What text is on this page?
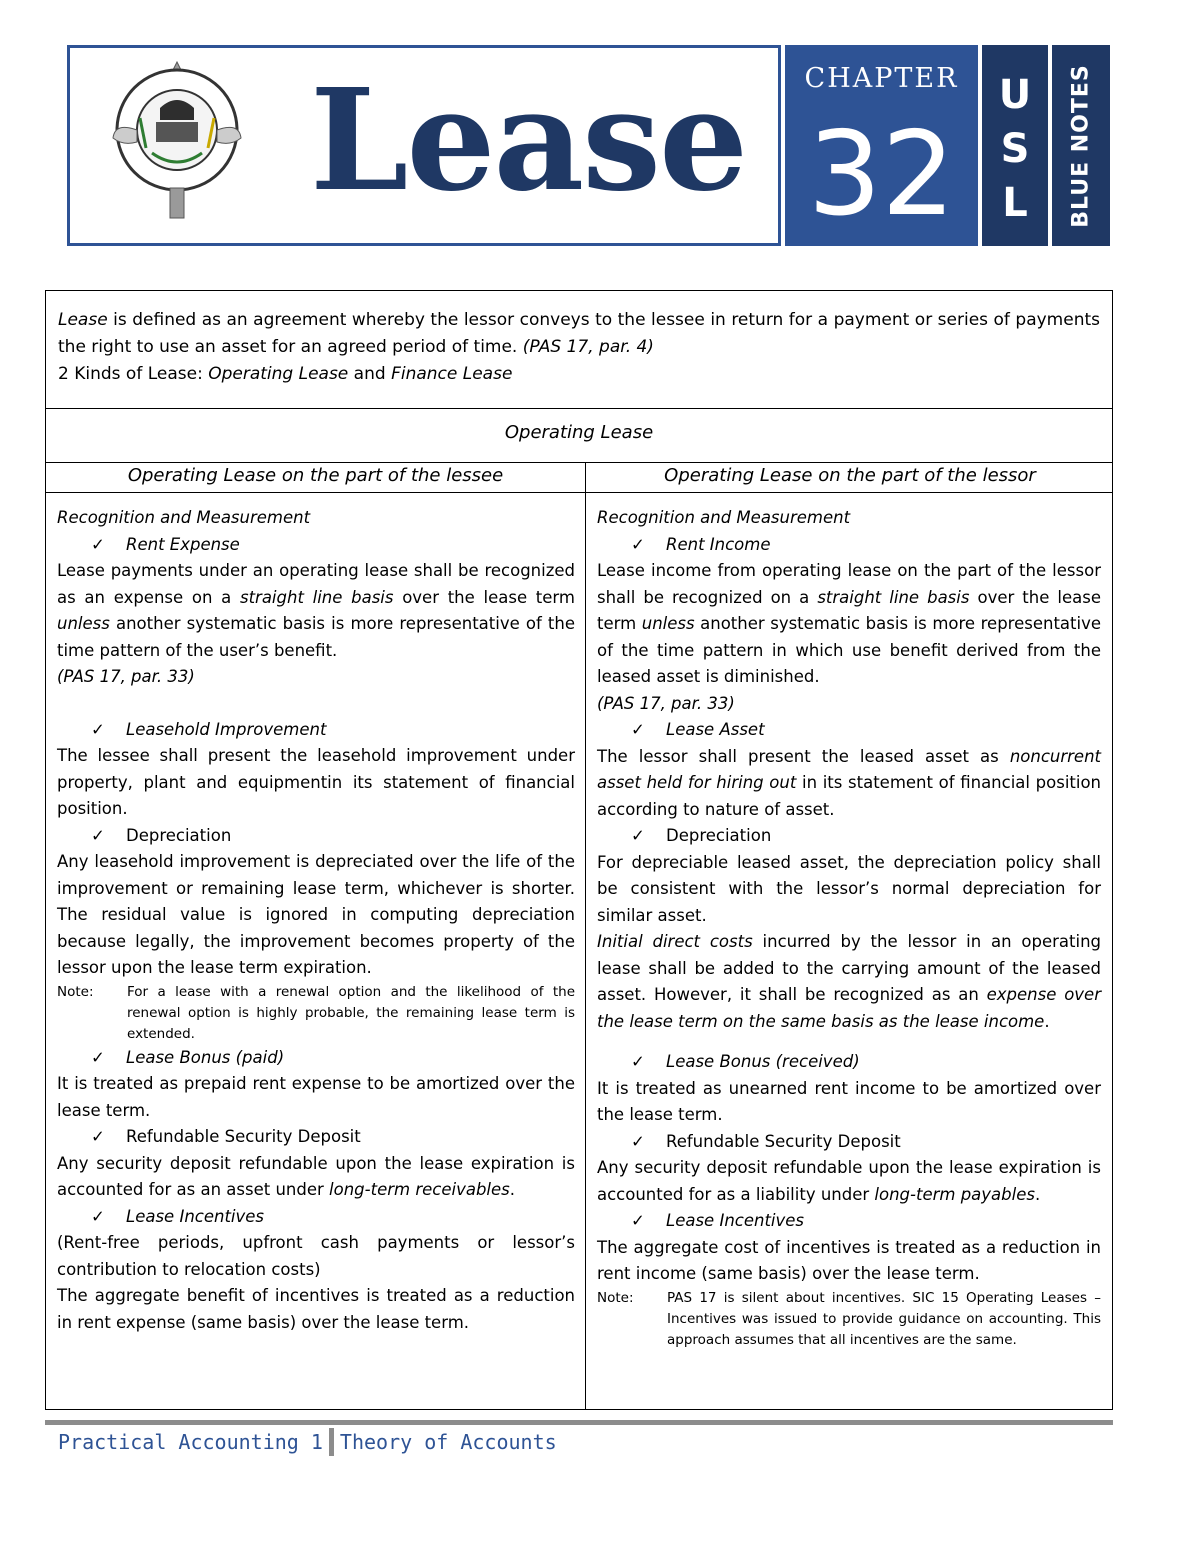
Lease	CHAPTER
32
U
S
L	BLUE NOTES
Lease is defined as an agreement whereby the lessor conveys to the lessee in return for a payment or series of payments the right to use an asset for an agreed period of time. (PAS 17, par. 4)
2 Kinds of Lease: Operating Lease and Finance Lease
Operating Lease
Operating Lease on the part of the lessee	Operating Lease on the part of the lessor

Recognition and Measurement

✓ Rent Expense

Lease payments under an operating lease shall be recognized as an expense on a straight line basis over the lease term unless another systematic basis is more representative of the time pattern of the user’s benefit.

(PAS 17, par. 33)

✓ Leasehold Improvement

The lessee shall present the leasehold improvement under property, plant and equipmentin its statement of financial position.

✓ Depreciation

Any leasehold improvement is depreciated over the life of the improvement or remaining lease term, whichever is shorter. The residual value is ignored in computing depreciation because legally, the improvement becomes property of the lessor upon the lease term expiration.

Note:	For a lease with a renewal option and the likelihood of the renewal option is highly probable, the remaining lease term is extended.

✓ Lease Bonus (paid)

It is treated as prepaid rent expense to be amortized over the lease term.

✓ Refundable Security Deposit

Any security deposit refundable upon the lease expiration is accounted for as an asset under long-term receivables.

✓ Lease Incentives

(Rent-free periods, upfront cash payments or lessor’s contribution to relocation costs)

The aggregate benefit of incentives is treated as a reduction in rent expense (same basis) over the lease term.

Recognition and Measurement

✓ Rent Income

Lease income from operating lease on the part of the lessor shall be recognized on a straight line basis over the lease term unless another systematic basis is more representative of the time pattern in which use benefit derived from the leased asset is diminished.

(PAS 17, par. 33)

✓ Lease Asset

The lessor shall present the leased asset as noncurrent asset held for hiring out in its statement of financial position according to nature of asset.

✓ Depreciation

For depreciable leased asset, the depreciation policy shall be consistent with the lessor’s normal depreciation for similar asset.

Initial direct costs incurred by the lessor in an operating lease shall be added to the carrying amount of the leased asset. However, it shall be recognized as an expense over the lease term on the same basis as the lease income.

✓ Lease Bonus (received)

It is treated as unearned rent income to be amortized over the lease term.

✓ Refundable Security Deposit

Any security deposit refundable upon the lease expiration is accounted for as a liability under long-term payables.

✓ Lease Incentives

The aggregate cost of incentives is treated as a reduction in rent income (same basis) over the lease term.

Note:	PAS 17 is silent about incentives. SIC 15 Operating Leases – Incentives was issued to provide guidance on accounting. This approach assumes that all incentives are the same.
Practical Accounting 1 Theory of Accounts
